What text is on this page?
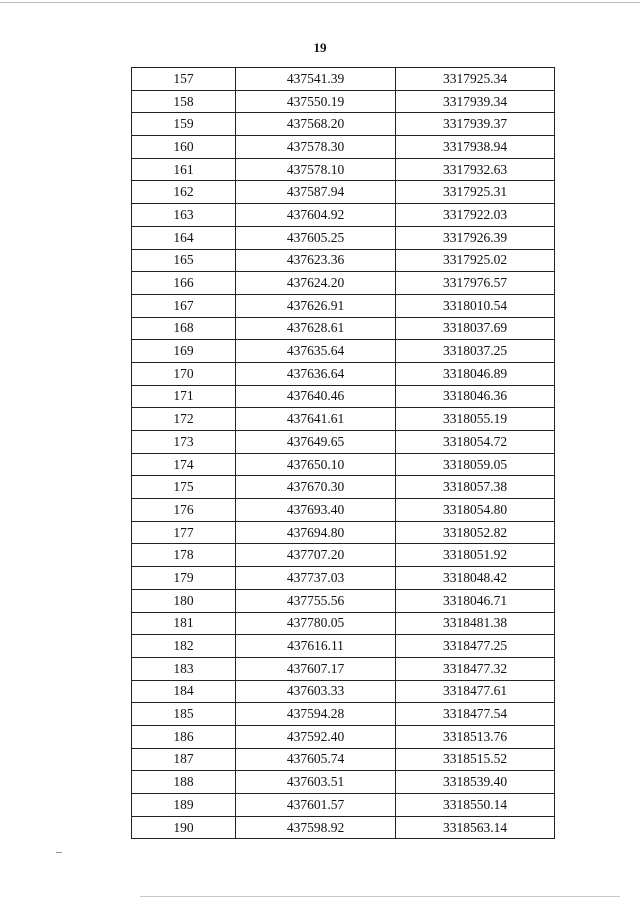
19
157	437541.39	3317925.34
158	437550.19	3317939.34
159	437568.20	3317939.37
160	437578.30	3317938.94
161	437578.10	3317932.63
162	437587.94	3317925.31
163	437604.92	3317922.03
164	437605.25	3317926.39
165	437623.36	3317925.02
166	437624.20	3317976.57
167	437626.91	3318010.54
168	437628.61	3318037.69
169	437635.64	3318037.25
170	437636.64	3318046.89
171	437640.46	3318046.36
172	437641.61	3318055.19
173	437649.65	3318054.72
174	437650.10	3318059.05
175	437670.30	3318057.38
176	437693.40	3318054.80
177	437694.80	3318052.82
178	437707.20	3318051.92
179	437737.03	3318048.42
180	437755.56	3318046.71
181	437780.05	3318481.38
182	437616.11	3318477.25
183	437607.17	3318477.32
184	437603.33	3318477.61
185	437594.28	3318477.54
186	437592.40	3318513.76
187	437605.74	3318515.52
188	437603.51	3318539.40
189	437601.57	3318550.14
190	437598.92	3318563.14
